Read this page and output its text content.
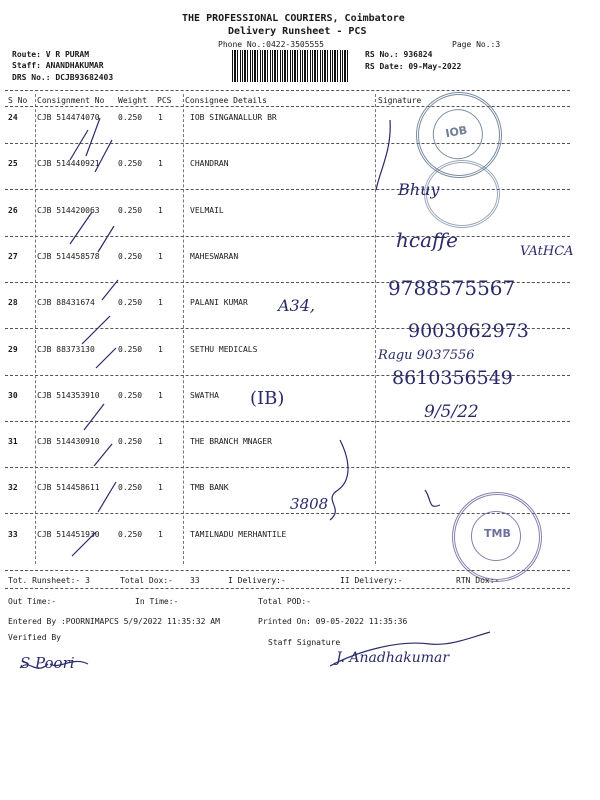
THE PROFESSIONAL COURIERS, Coimbatore
Delivery Runsheet - PCS
Phone No.:0422-3505555	Page No.:3
Route: V R PURAM
Staff: ANANDHAKUMAR
DRS No.: DCJB93682403
RS No.: 936824
RS Date: 09-May-2022
S No Consignment No Weight PCS Consignee Details	Signature
24 CJB 514474070 0.250 1	IOB SINGANALLUR BR
25 CJB 514440921 0.250 1	CHANDRAN
26 CJB 514420063 0.250 1	VELMAIL
27 CJB 514458578 0.250 1	MAHESWARAN
28 CJB 88431674	0.250 1	PALANI KUMAR
29 CJB 88373130	0.250 1	SETHU MEDICALS
30 CJB 514353910 0.250 1	SWATHA
31 CJB 514430910 0.250 1	THE BRANCH MNAGER
32 CJB 514458611 0.250 1	TMB BANK
33 CJB 514451930 0.250 1	TAMILNADU MERHANTILE
IOB
TMB
Bhuy
hcaffe	VAtHCA
9788575567
A34,
9003062973
Ragu 9037556
8610356549
(IB)
9/5/22
3808
Tot. Runsheet:- 3	Total Dox:- 33	I Delivery:-	II Delivery:-	RTN Dox:-
Out Time:-	In Time:-	Total POD:-
Entered By :POORNIMAPCS 5/9/2022 11:35:32 AM	Printed On: 09-05-2022 11:35:36
Verified By
Staff Signature
S Poori	J. Anadhakumar
